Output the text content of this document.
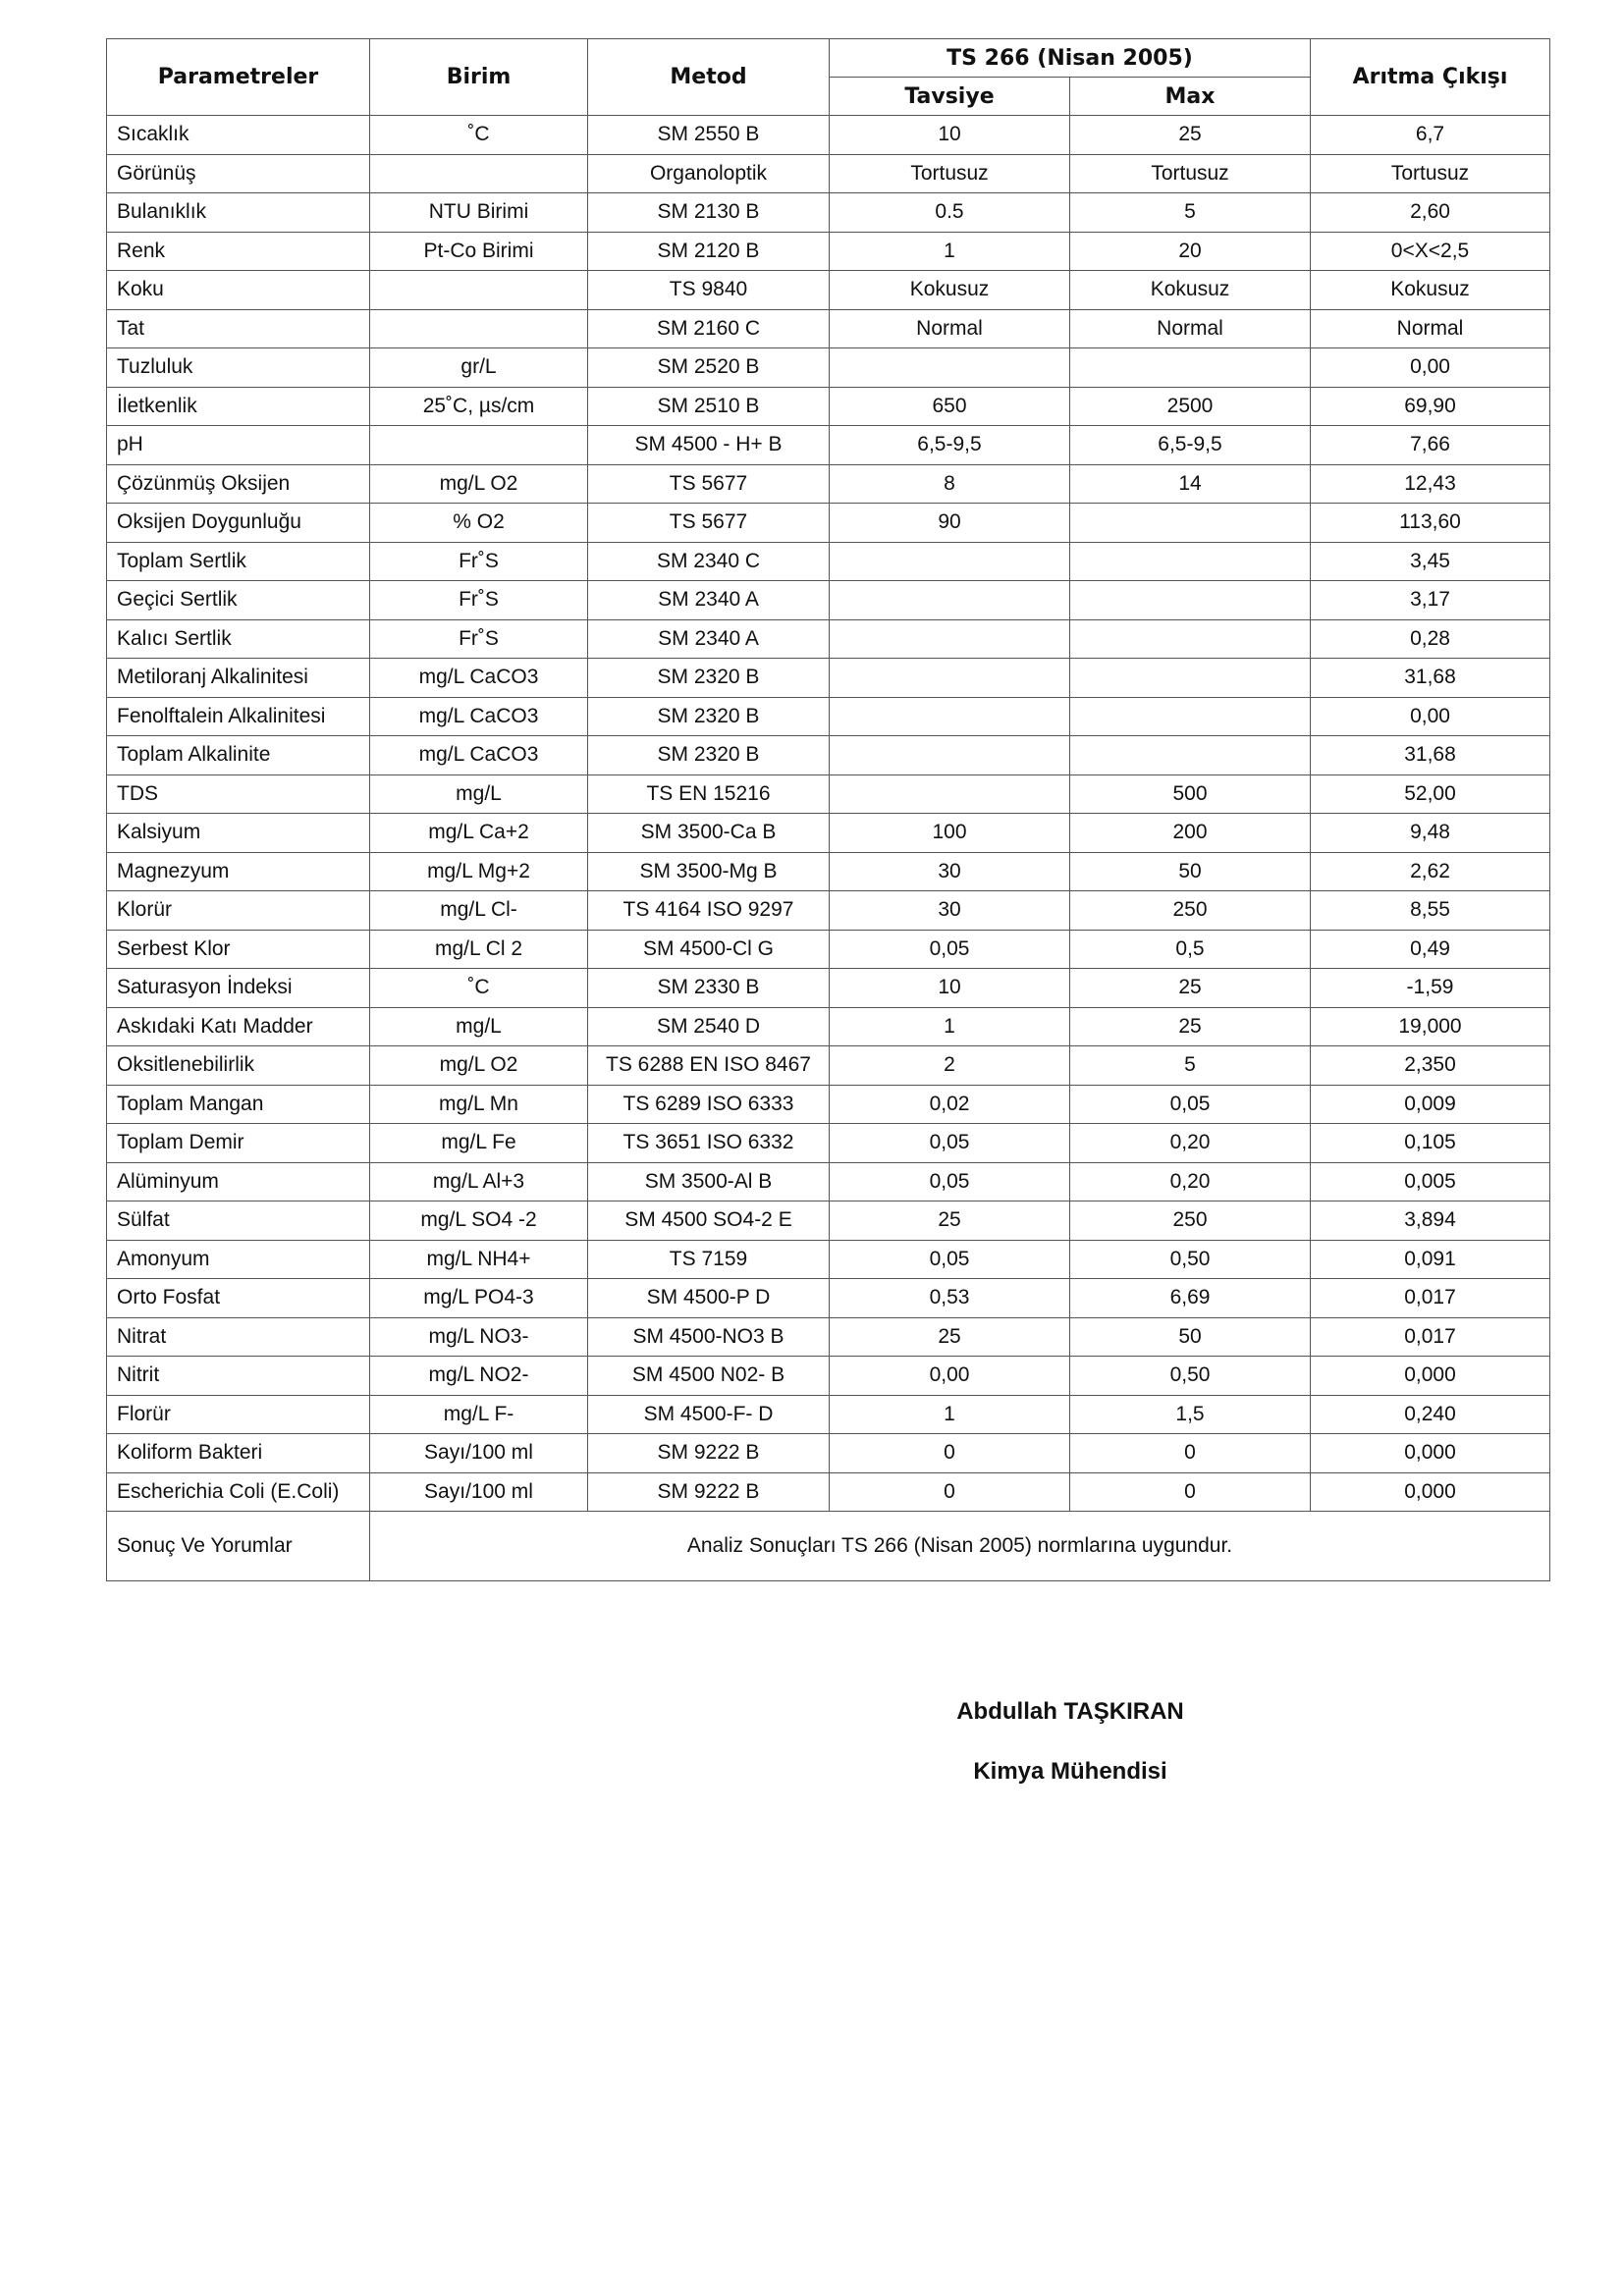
Parametreler	Birim	Metod	TS 266 (Nisan 2005)		Arıtma Çıkışı
			Tavsiye	Max	
Sıcaklık	˚C	SM 2550 B	10	25	6,7
Görünüş		Organoloptik	Tortusuz	Tortusuz	Tortusuz
Bulanıklık	NTU Birimi	SM 2130 B	0.5	5	2,60
Renk	Pt-Co Birimi	SM 2120 B	1	20	0<X<2,5
Koku		TS 9840	Kokusuz	Kokusuz	Kokusuz
Tat		SM 2160 C	Normal	Normal	Normal
Tuzluluk	gr/L	SM 2520 B			0,00
İletkenlik	25˚C, µs/cm	SM 2510 B	650	2500	69,90
pH		SM 4500 - H+ B	6,5-9,5	6,5-9,5	7,66
Çözünmüş Oksijen	mg/L O2	TS 5677	8	14	12,43
Oksijen Doygunluğu	% O2	TS 5677	90		113,60
Toplam Sertlik	Fr˚S	SM 2340 C			3,45
Geçici Sertlik	Fr˚S	SM 2340 A			3,17
Kalıcı Sertlik	Fr˚S	SM 2340 A			0,28
Metiloranj Alkalinitesi	mg/L CaCO3	SM 2320 B			31,68
Fenolftalein Alkalinitesi	mg/L CaCO3	SM 2320 B			0,00
Toplam Alkalinite	mg/L CaCO3	SM 2320 B			31,68
TDS	mg/L	TS EN 15216		500	52,00
Kalsiyum	mg/L Ca+2	SM 3500-Ca B	100	200	9,48
Magnezyum	mg/L Mg+2	SM 3500-Mg B	30	50	2,62
Klorür	mg/L Cl-	TS 4164 ISO 9297	30	250	8,55
Serbest Klor	mg/L Cl 2	SM 4500-Cl G	0,05	0,5	0,49
Saturasyon İndeksi	˚C	SM 2330 B	10	25	-1,59
Askıdaki Katı Madder	mg/L	SM 2540 D	1	25	19,000
Oksitlenebilirlik	mg/L O2	TS 6288 EN ISO 8467	2	5	2,350
Toplam Mangan	mg/L Mn	TS 6289 ISO 6333	0,02	0,05	0,009
Toplam Demir	mg/L Fe	TS 3651 ISO 6332	0,05	0,20	0,105
Alüminyum	mg/L Al+3	SM 3500-Al B	0,05	0,20	0,005
Sülfat	mg/L SO4 -2	SM 4500 SO4-2 E	25	250	3,894
Amonyum	mg/L NH4+	TS 7159	0,05	0,50	0,091
Orto Fosfat	mg/L PO4-3	SM 4500-P D	0,53	6,69	0,017
Nitrat	mg/L NO3-	SM 4500-NO3 B	25	50	0,017
Nitrit	mg/L NO2-	SM 4500 N02- B	0,00	0,50	0,000
Florür	mg/L F-	SM 4500-F- D	1	1,5	0,240
Koliform Bakteri	Sayı/100 ml	SM 9222 B	0	0	0,000
Escherichia Coli (E.Coli)	Sayı/100 ml	SM 9222 B	0	0	0,000
Sonuç Ve Yorumlar	Analiz Sonuçları TS 266 (Nisan 2005) normlarına uygundur.				
Abdullah TAŞKIRAN
Kimya Mühendisi
